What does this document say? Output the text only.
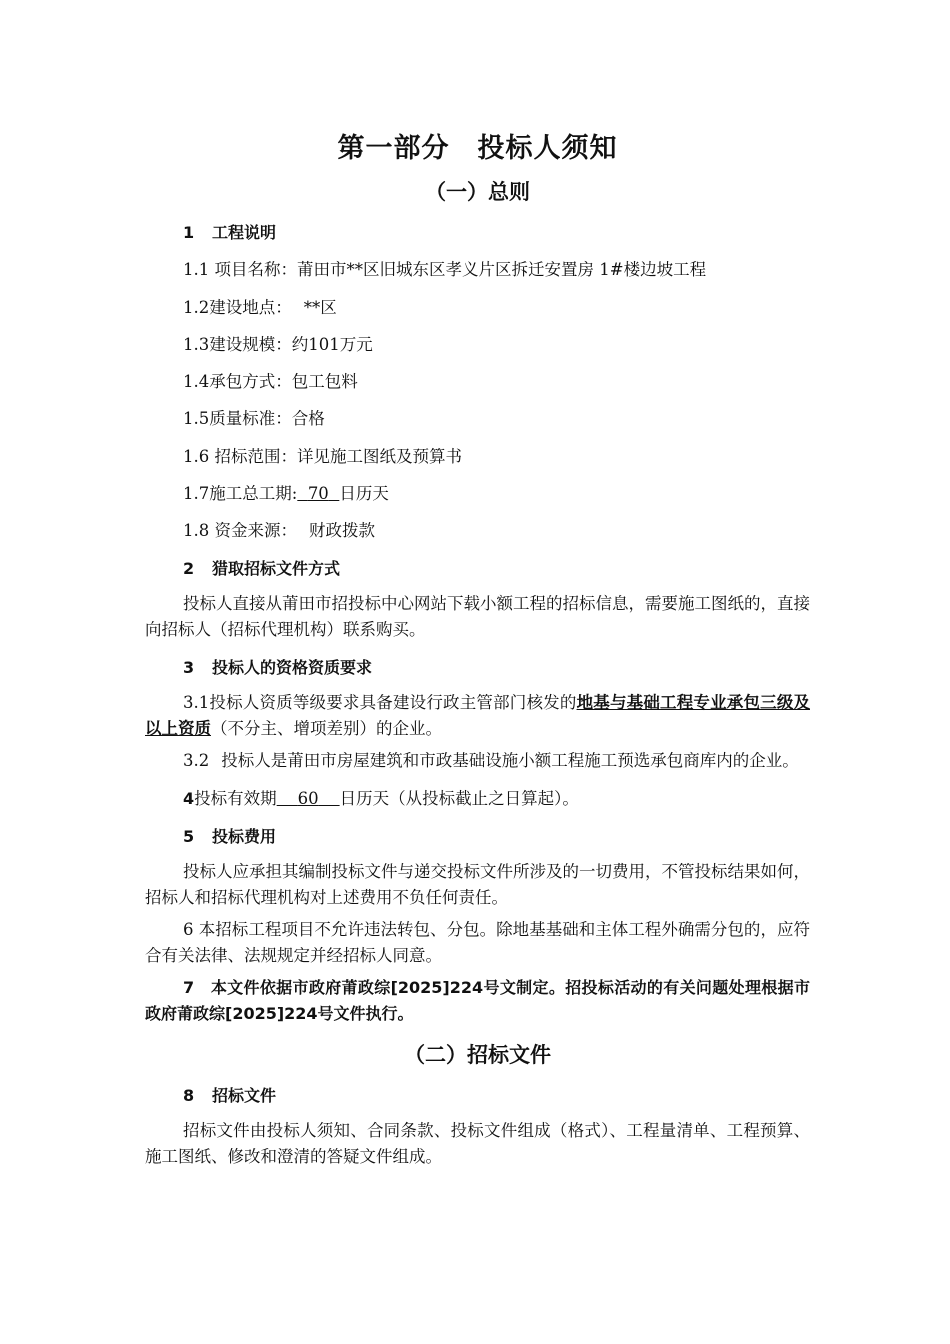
第一部分 投标人须知
（一）总则

1 工程说明

1.1 项目名称：莆田市**区旧城东区孝义片区拆迁安置房 1#楼边坡工程

1.2建设地点： **区

1.3建设规模：约101万元

1.4承包方式：包工包料

1.5质量标准：合格

1.6 招标范围：详见施工图纸及预算书

1.7施工总工期: 70 日历天

1.8 资金来源： 财政拨款

2 猎取招标文件方式

投标人直接从莆田市招投标中心网站下载小额工程的招标信息，需要施工图纸的，直接向招标人（招标代理机构）联系购买。

3 投标人的资格资质要求

3.1投标人资质等级要求具备建设行政主管部门核发的地基与基础工程专业承包三级及以上资质（不分主、增项差别）的企业。

3.2 投标人是莆田市房屋建筑和市政基础设施小额工程施工预选承包商库内的企业。

4投标有效期 60 日历天（从投标截止之日算起）。

5 投标费用

投标人应承担其编制投标文件与递交投标文件所涉及的一切费用，不管投标结果如何，招标人和招标代理机构对上述费用不负任何责任。

6 本招标工程项目不允许违法转包、分包。除地基基础和主体工程外确需分包的，应符合有关法律、法规规定并经招标人同意。

7　本文件依据市政府莆政综[2025]224号文制定。招投标活动的有关问题处理根据市政府莆政综[2025]224号文件执行。

（二）招标文件

8 招标文件

招标文件由投标人须知、合同条款、投标文件组成（格式）、工程量清单、工程预算、施工图纸、修改和澄清的答疑文件组成。
